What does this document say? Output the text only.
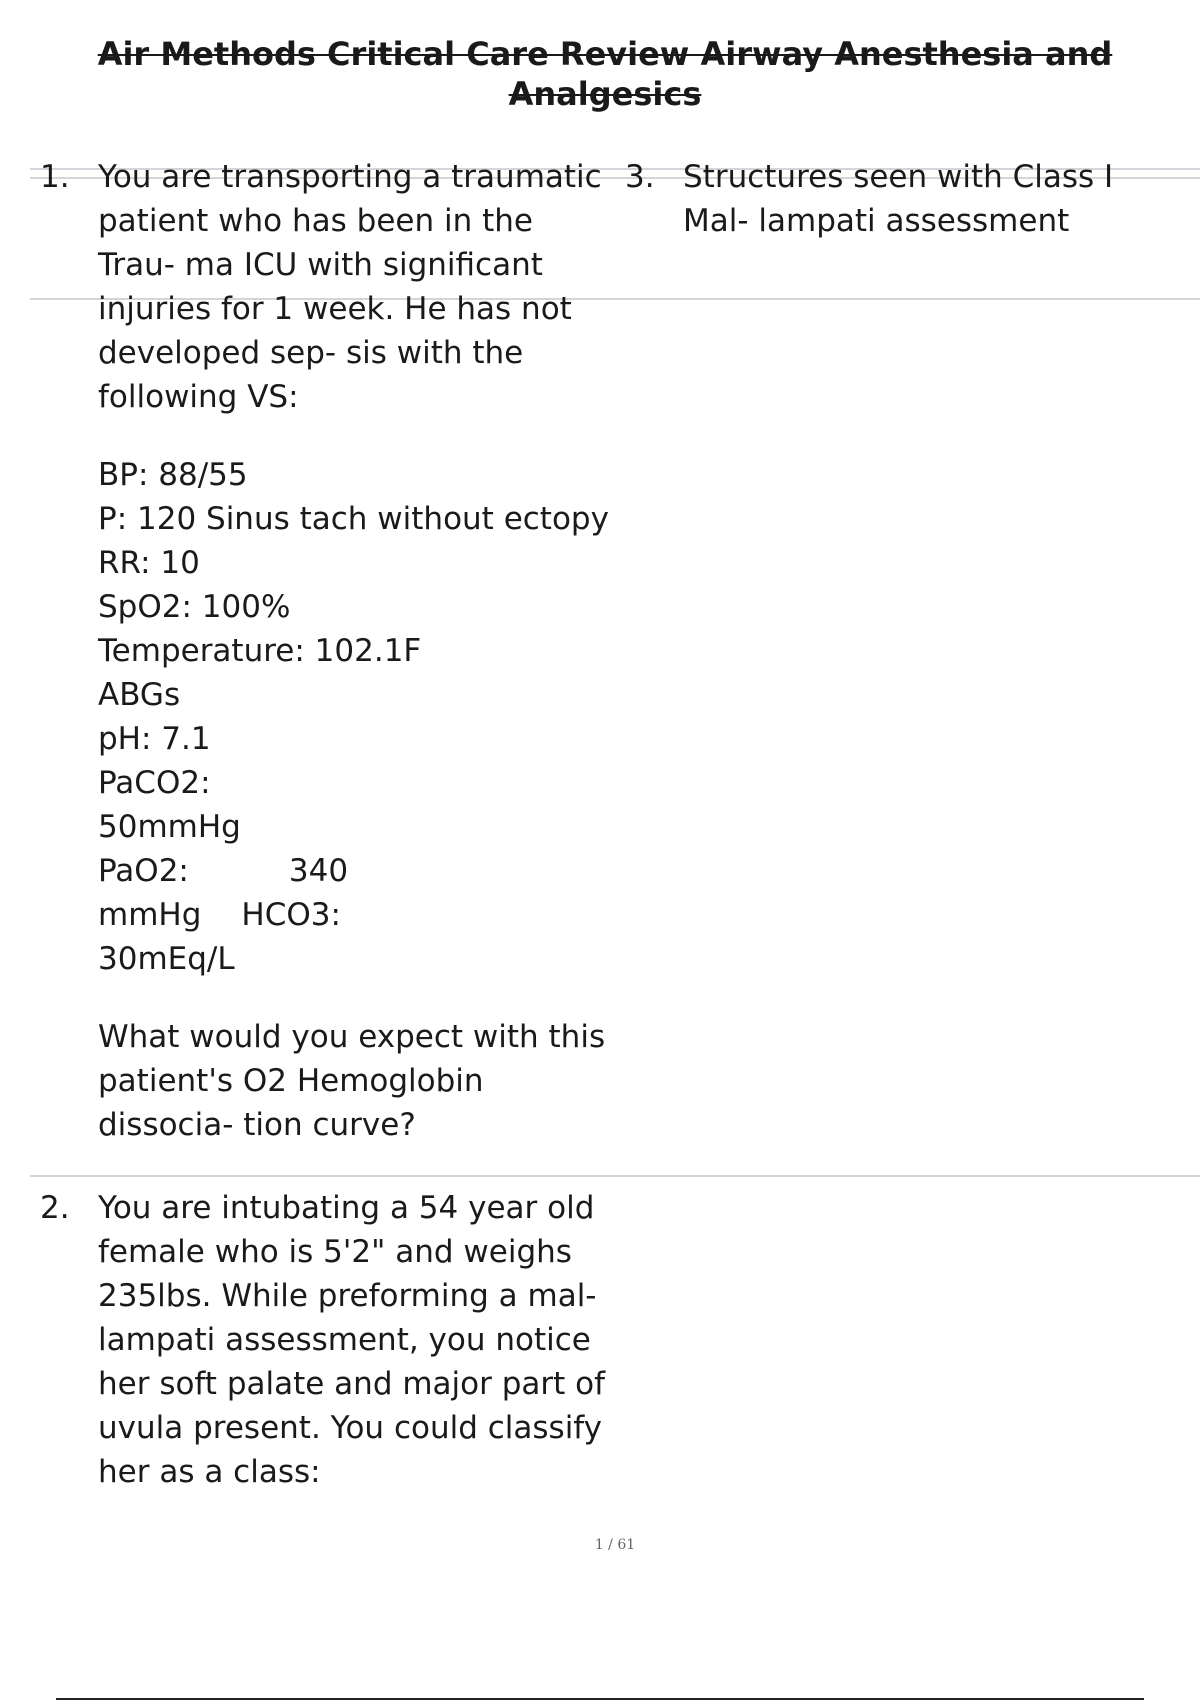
Air Methods Critical Care Review Airway Anesthesia and Analgesics
1. You are transporting a traumatic patient who has been in the Trau- ma ICU with significant injuries for 1 week. He has not developed sep- sis with the following VS:

BP: 88/55
P: 120 Sinus tach without ectopy RR: 10
SpO2: 100%
Temperature: 102.1F
ABGs
pH: 7.1
PaCO2:
50mmHg
PaO2:	340
mmHg HCO3:
30mEq/L

What would you expect with this patient's O2 Hemoglobin dissocia- tion curve?

3. Structures seen with Class I Mal- lampati assessment

2. You are intubating a 54 year old female who is 5'2" and weighs 235lbs. While preforming a mal- lampati assessment, you notice her soft palate and major part of uvula present. You could classify her as a class:

1 / 61
